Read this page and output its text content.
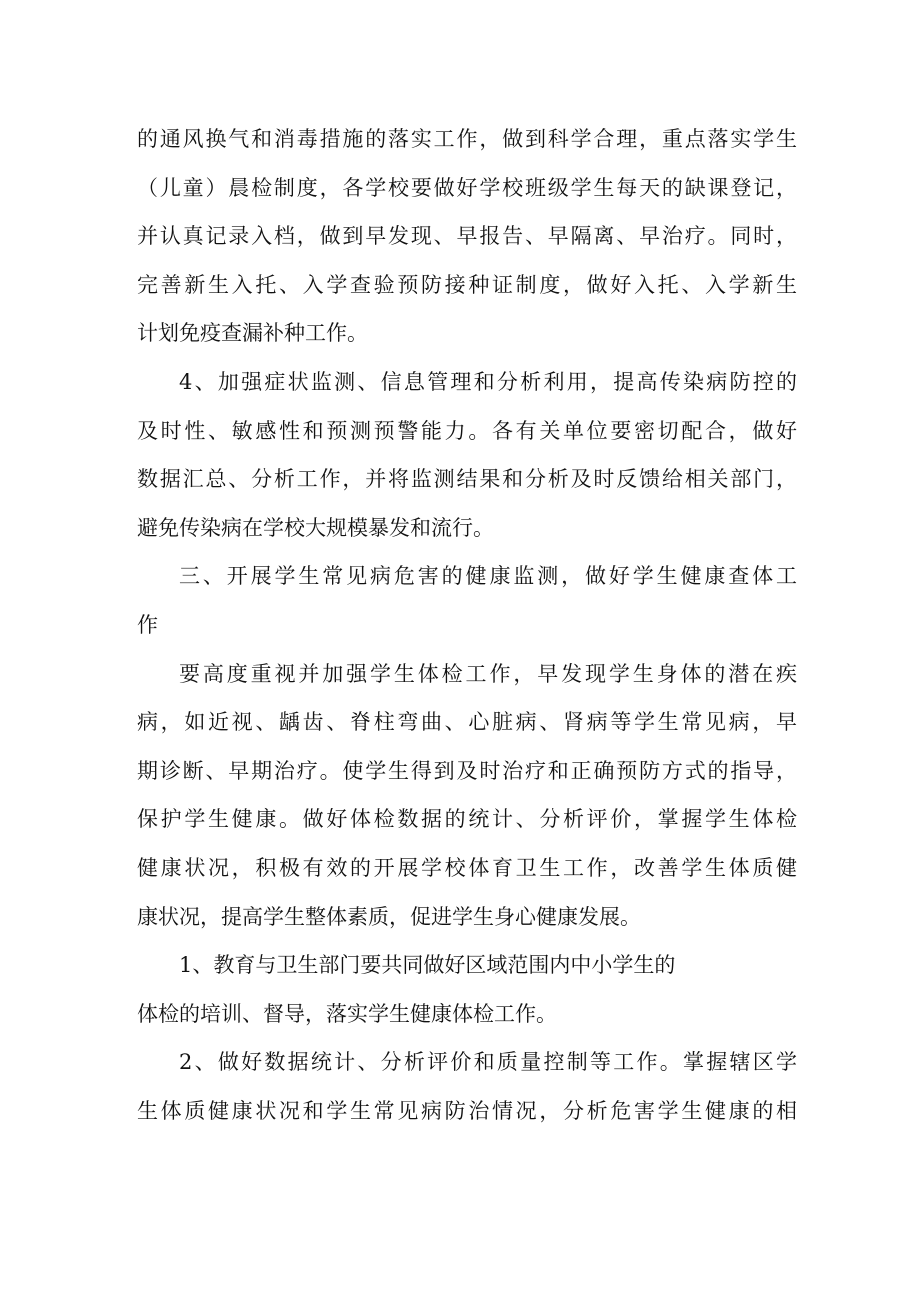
的通风换气和消毒措施的落实工作，做到科学合理，重点落实学生
（儿童）晨检制度，各学校要做好学校班级学生每天的缺课登记，
并认真记录入档，做到早发现、早报告、早隔离、早治疗。同时，
完善新生入托、入学查验预防接种证制度，做好入托、入学新生
计划免疫查漏补种工作。
4、加强症状监测、信息管理和分析利用，提高传染病防控的
及时性、敏感性和预测预警能力。各有关单位要密切配合，做好
数据汇总、分析工作，并将监测结果和分析及时反馈给相关部门，
避免传染病在学校大规模暴发和流行。
三、开展学生常见病危害的健康监测，做好学生健康查体工
作
要高度重视并加强学生体检工作，早发现学生身体的潜在疾
病，如近视、龋齿、脊柱弯曲、心脏病、肾病等学生常见病，早
期诊断、早期治疗。使学生得到及时治疗和正确预防方式的指导，
保护学生健康。做好体检数据的统计、分析评价，掌握学生体检
健康状况，积极有效的开展学校体育卫生工作，改善学生体质健
康状况，提高学生整体素质，促进学生身心健康发展。
1、教育与卫生部门要共同做好区域范围内中小学生的
体检的培训、督导，落实学生健康体检工作。
2、做好数据统计、分析评价和质量控制等工作。掌握辖区学
生体质健康状况和学生常见病防治情况，分析危害学生健康的相
